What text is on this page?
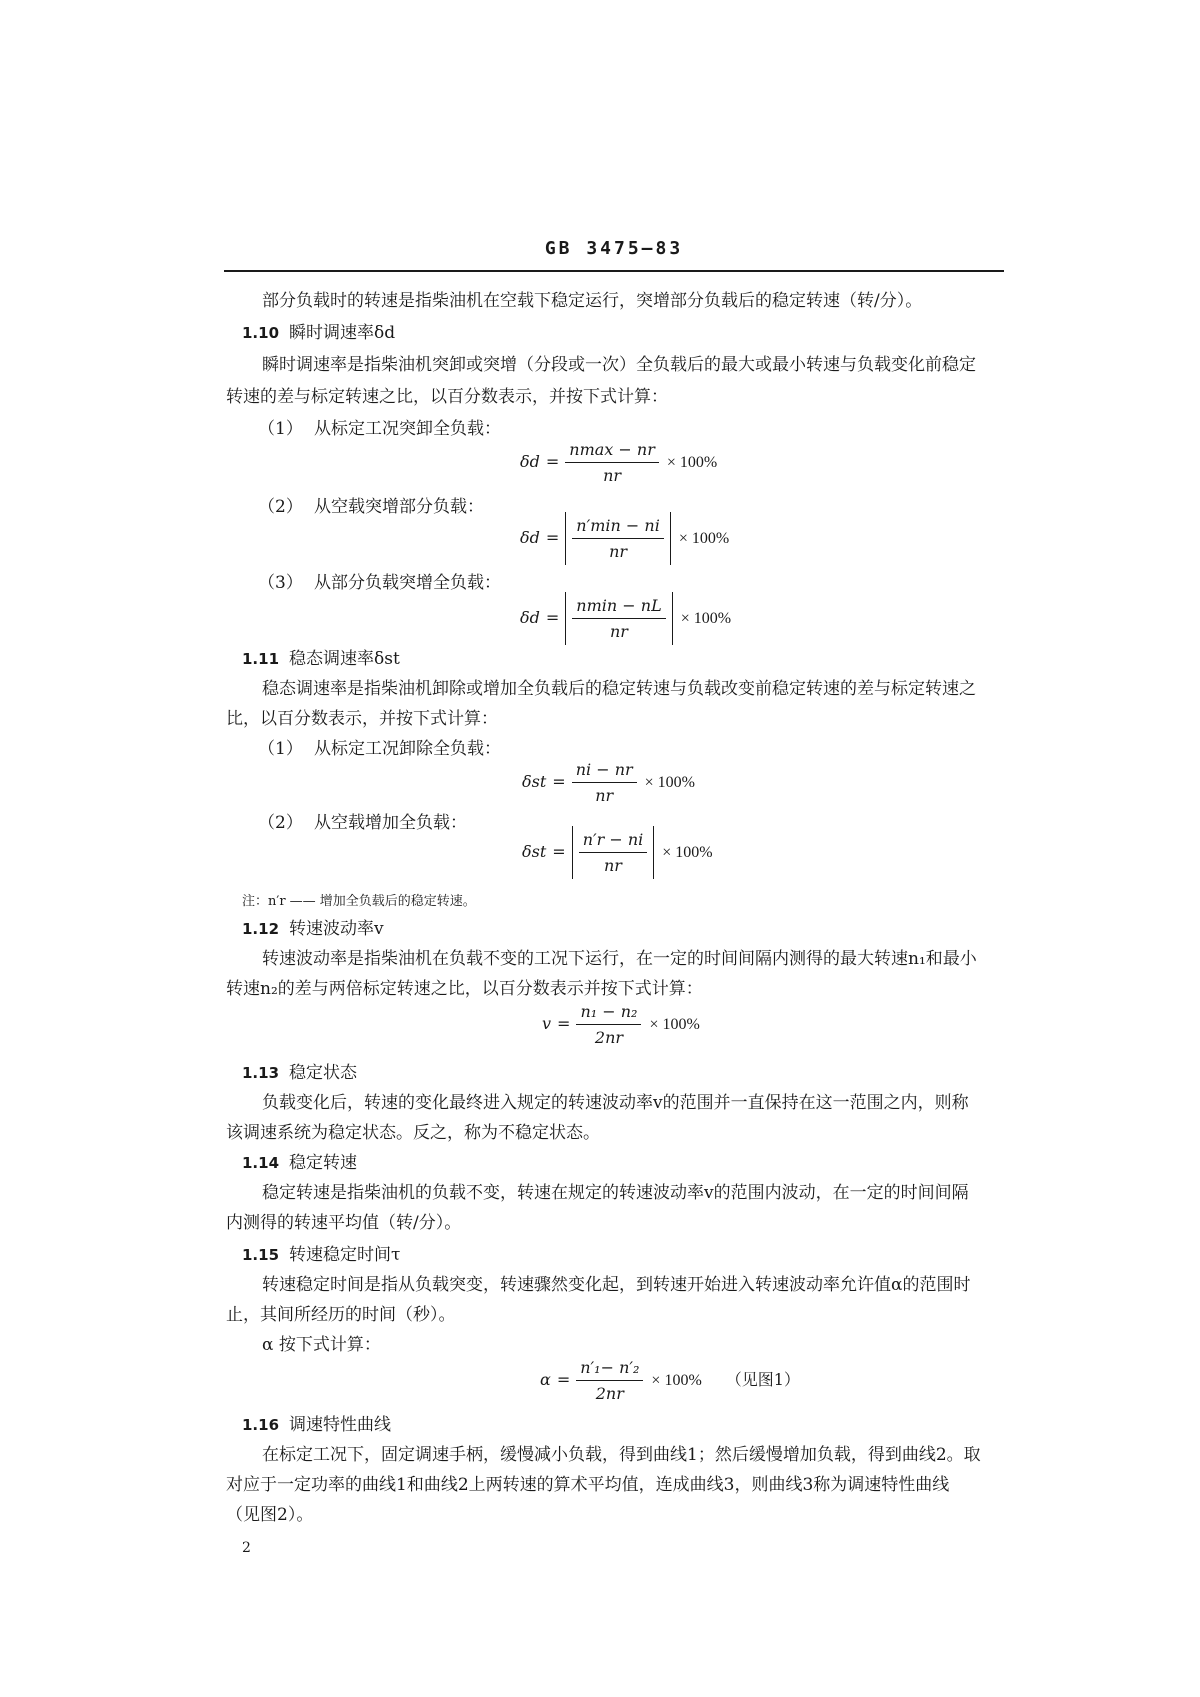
GB 3475—83
部分负载时的转速是指柴油机在空载下稳定运行，突增部分负载后的稳定转速（转/分）。
1.10 瞬时调速率δd
瞬时调速率是指柴油机突卸或突增（分段或一次）全负载后的最大或最小转速与负载变化前稳定
转速的差与标定转速之比，以百分数表示，并按下式计算：
（1） 从标定工况突卸全负载：
$\delta d = \frac{nmax - nr}{nr} \times 100\%$
（2） 从空载突增部分负载：
$\delta d = \frac{n'\min - ni}{nr} \times 100\%$
（3） 从部分负载突增全负载：
$\delta d = \frac{nmin - nL}{nr} \times 100\%$
1.11 稳态调速率δst
稳态调速率是指柴油机卸除或增加全负载后的稳定转速与负载改变前稳定转速的差与标定转速之
比，以百分数表示，并按下式计算：
（1） 从标定工况卸除全负载：
$\delta st = \frac{ni - nr}{nr} \times 100\%$
（2） 从空载增加全负载：
$\delta st = \frac{n'r - ni}{nr} \times 100\%$
注：n′r —— 增加全负载后的稳定转速。
1.12 转速波动率v
转速波动率是指柴油机在负载不变的工况下运行，在一定的时间间隔内测得的最大转速n₁和最小
转速n₂的差与两倍标定转速之比，以百分数表示并按下式计算：
$v = \frac{\text{n₁ − n₂}}{2nr} \times 100\%$
1.13 稳定状态
负载变化后，转速的变化最终进入规定的转速波动率v的范围并一直保持在这一范围之内，则称
该调速系统为稳定状态。反之，称为不稳定状态。
1.14 稳定转速
稳定转速是指柴油机的负载不变，转速在规定的转速波动率v的范围内波动，在一定的时间间隔
内测得的转速平均值（转/分）。
1.15 转速稳定时间τ
转速稳定时间是指从负载突变，转速骤然变化起，到转速开始进入转速波动率允许值α的范围时
止，其间所经历的时间（秒）。
α 按下式计算：
$\alpha = \frac{\text{n′₁− n′₂}}{2nr} \times 100\%$ （见图1）
1.16 调速特性曲线
在标定工况下，固定调速手柄，缓慢减小负载，得到曲线1；然后缓慢增加负载，得到曲线2。取
对应于一定功率的曲线1和曲线2上两转速的算术平均值，连成曲线3，则曲线3称为调速特性曲线
（见图2）。
2
